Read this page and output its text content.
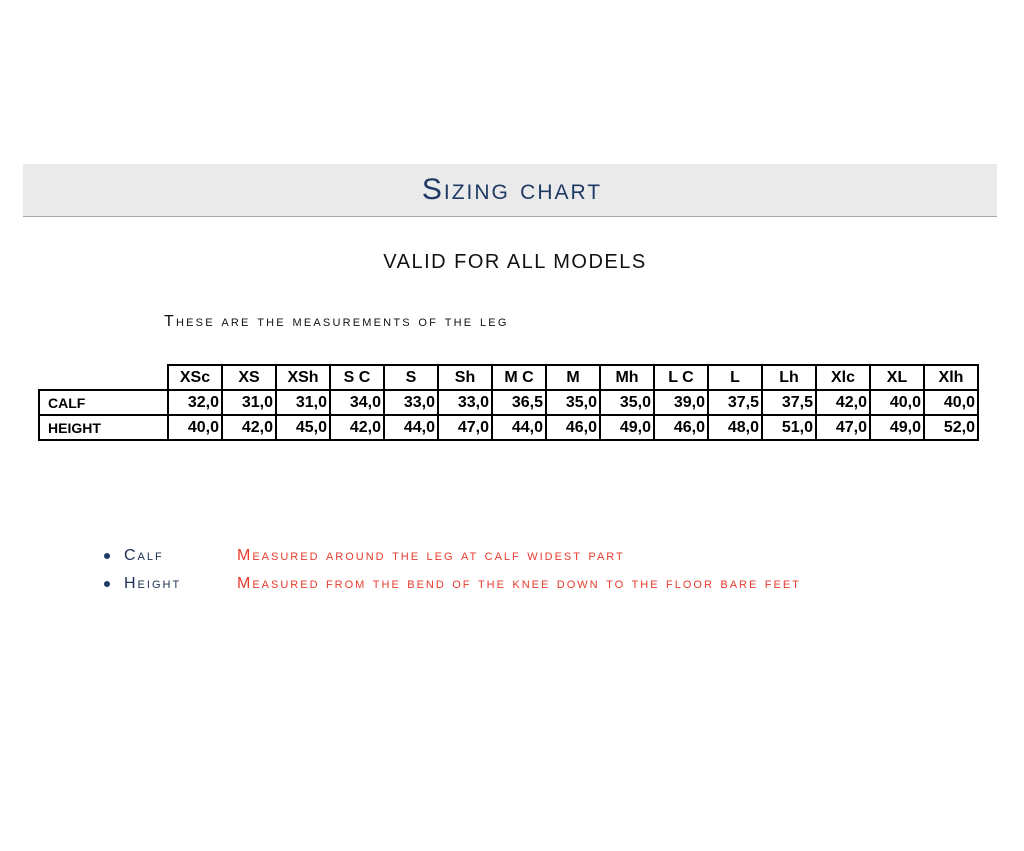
Sizing chart
VALID FOR ALL MODELS
These are the measurements of the leg
	XSc	XS	XSh	S C	S	Sh	M C	M	Mh	L C	L	Lh	Xlc	XL	Xlh
CALF	32,0	31,0	31,0	34,0	33,0	33,0	36,5	35,0	35,0	39,0	37,5	37,5	42,0	40,0	40,0
HEIGHT	40,0	42,0	45,0	42,0	44,0	47,0	44,0	46,0	49,0	46,0	48,0	51,0	47,0	49,0	52,0
Calf	Measured around the leg at calf widest part
Height	Measured from the bend of the knee down to the floor bare feet
